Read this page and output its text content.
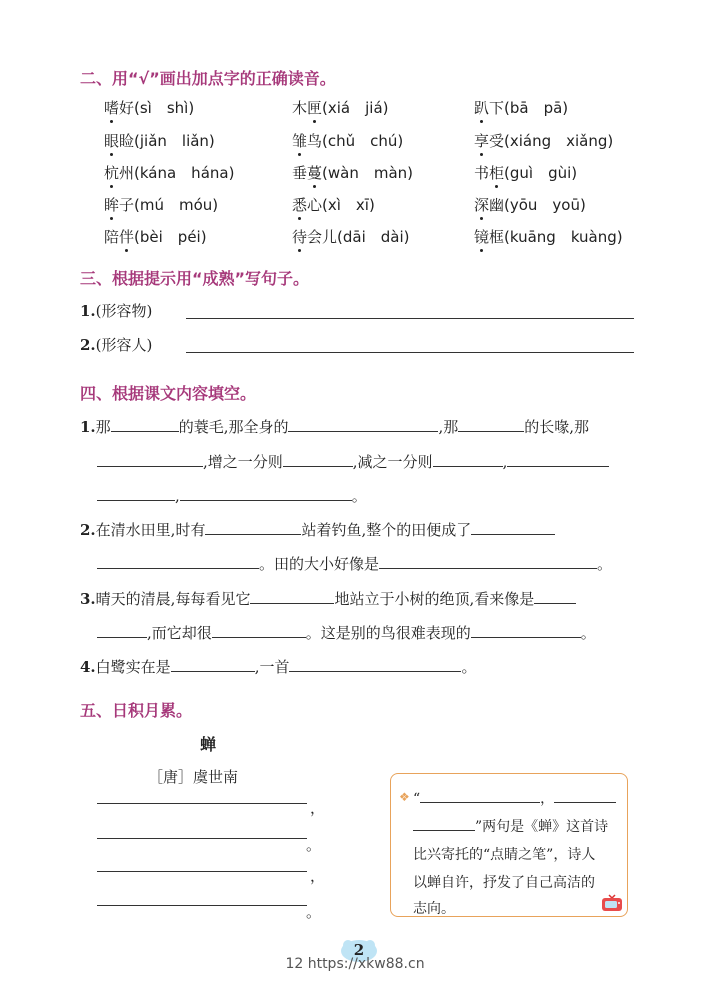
二、用“√”画出加点字的正确读音。
嗜好(sì　shì)	木匣(xiá　jiá)	趴下(bā　pā)
眼睑(jiǎn　liǎn)	雏鸟(chǔ　chú)	享受(xiáng　xiǎng)
杭州(kána　hána)	垂蔓(wàn　màn)	书柜(guì　gùi)
眸子(mú　móu)	悉心(xì　xī)	深幽(yōu　yoū)
陪伴(bèi　péi)	待会儿(dāi　dài)	镜框(kuāng　kuàng)
三、根据提示用“成熟”写句子。
1.(形容物)
2.(形容人)
四、根据课文内容填空。
1.那	的蓑毛,那全身的	,那	的长喙,那
,增之一分则	,减之一分则	,
,	。
2.在清水田里,时有	站着钓鱼,整个的田便成了
。田的大小好像是	。
3.晴天的清晨,每每看见它	地站立于小树的绝顶,看来像是
,而它却很	。这是别的鸟很难表现的	。
4.白鹭实在是	,一首	。
五、日积月累。
蝉
［唐］虞世南
，
。
，
。
❖ “	，
”两句是《蝉》这首诗
比兴寄托的“点睛之笔”，诗人
以蝉自许，抒发了自己高洁的
志向。
2
12 https://xkw88.cn
